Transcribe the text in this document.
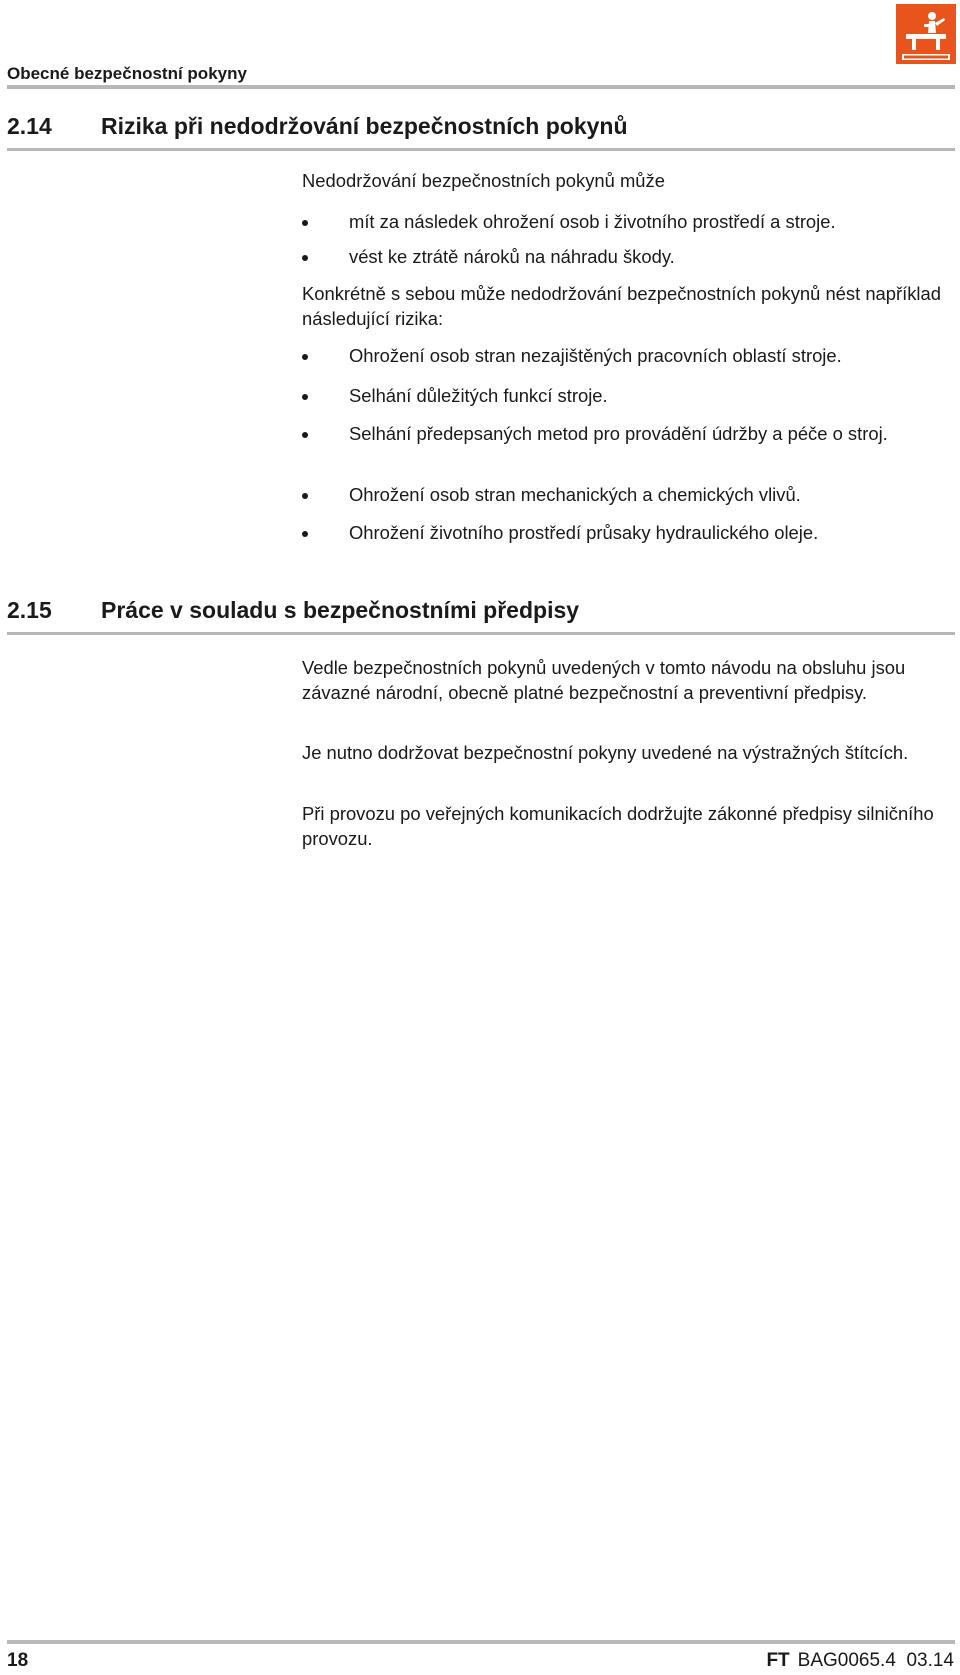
Obecné bezpečnostní pokyny
2.14 Rizika při nedodržování bezpečnostních pokynů

Nedodržování bezpečnostních pokynů může

mít za následek ohrožení osob i životního prostředí a stroje.
vést ke ztrátě nároků na náhradu škody.

Konkrétně s sebou může nedodržování bezpečnostních pokynů nést například následující rizika:

Ohrožení osob stran nezajištěných pracovních oblastí stroje.
Selhání důležitých funkcí stroje.
Selhání předepsaných metod pro provádění údržby a péče o stroj.
Ohrožení osob stran mechanických a chemických vlivů.
Ohrožení životního prostředí průsaky hydraulického oleje.
2.15 Práce v souladu s bezpečnostními předpisy

Vedle bezpečnostních pokynů uvedených v tomto návodu na obsluhu jsou závazné národní, obecně platné bezpečnostní a preventivní předpisy.

Je nutno dodržovat bezpečnostní pokyny uvedené na výstražných štítcích.

Při provozu po veřejných komunikacích dodržujte zákonné předpisy silničního provozu.

18	FT BAG0065.4  03.14
